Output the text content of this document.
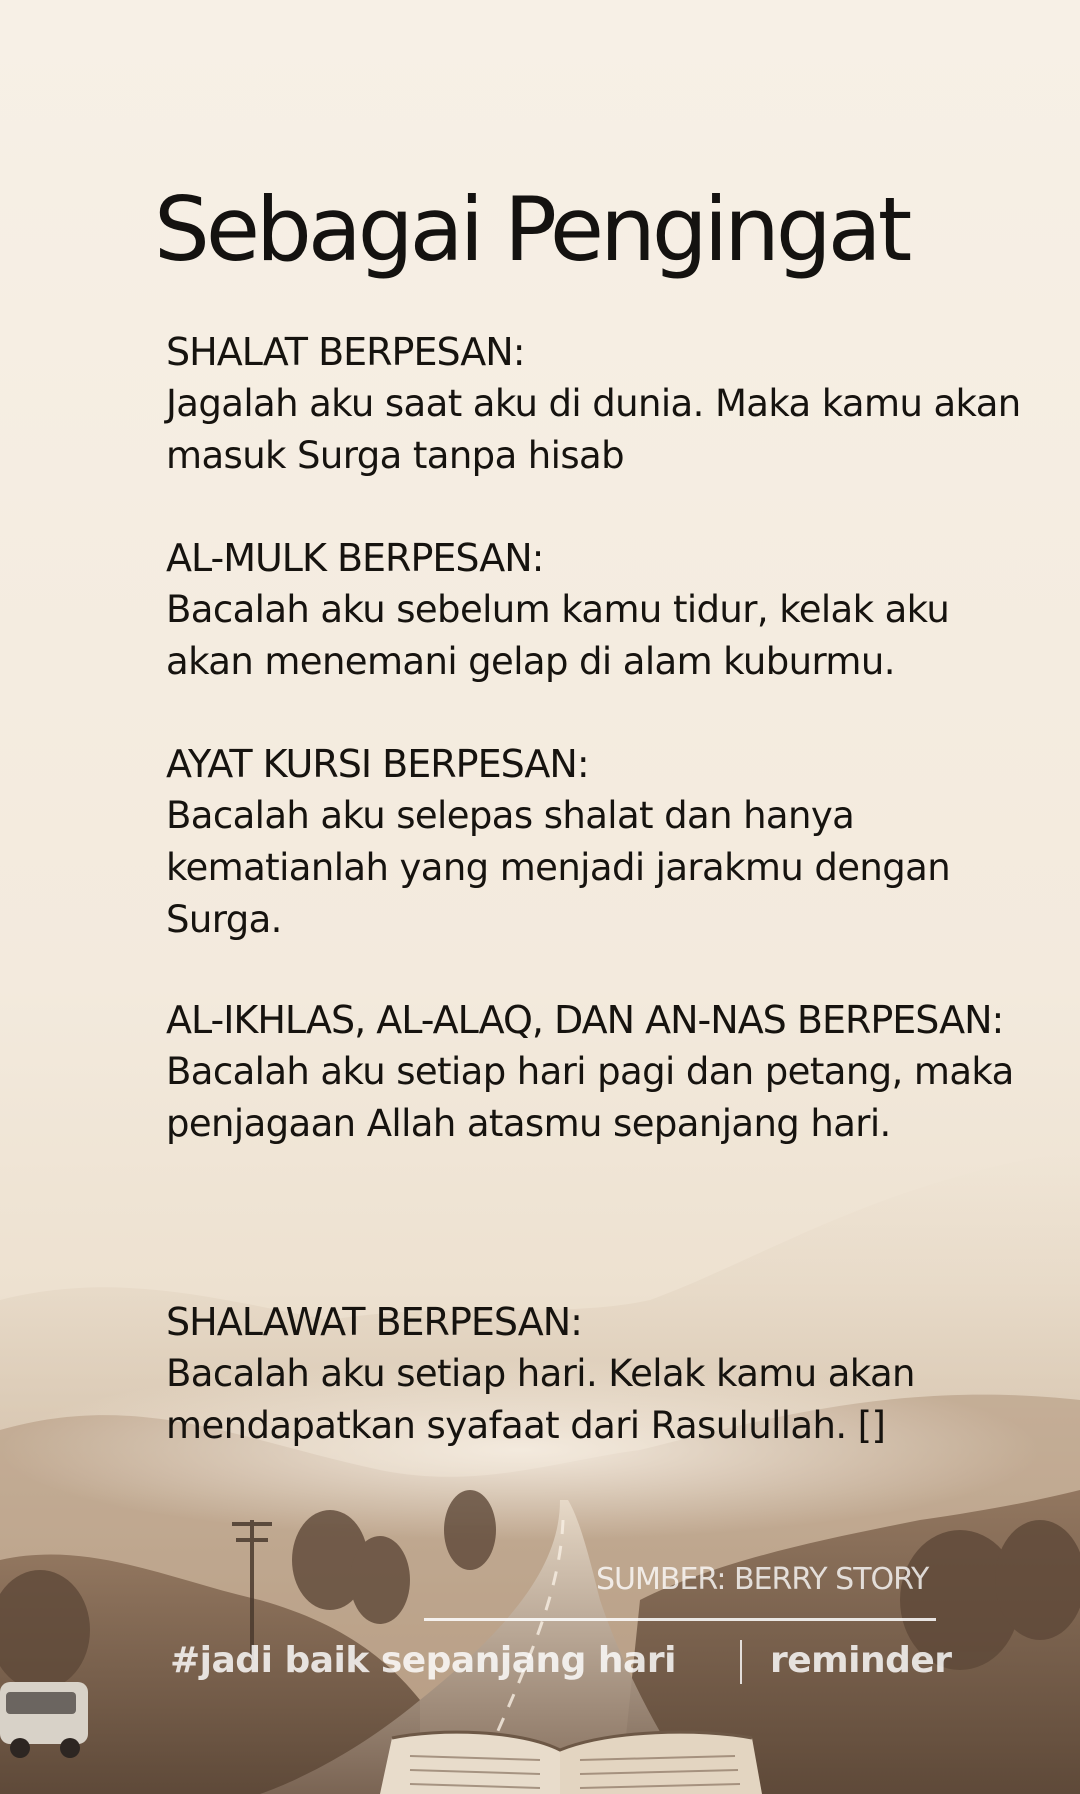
Sebagai Pengingat

SHALAT BERPESAN:

Jagalah aku saat aku di dunia. Maka kamu akan masuk Surga tanpa hisab

AL-MULK BERPESAN:

Bacalah aku sebelum kamu tidur, kelak aku akan menemani gelap di alam kuburmu.

AYAT KURSI BERPESAN:

Bacalah aku selepas shalat dan hanya kematianlah yang menjadi jarakmu dengan Surga.

AL-IKHLAS, AL-ALAQ, DAN AN-NAS BERPESAN:

Bacalah aku setiap hari pagi dan petang, maka penjagaan Allah atasmu sepanjang hari.

SHALAWAT BERPESAN:

Bacalah aku setiap hari. Kelak kamu akan mendapatkan syafaat dari Rasulullah. []

SUMBER: BERRY STORY
#jadi baik sepanjang hari	reminder
